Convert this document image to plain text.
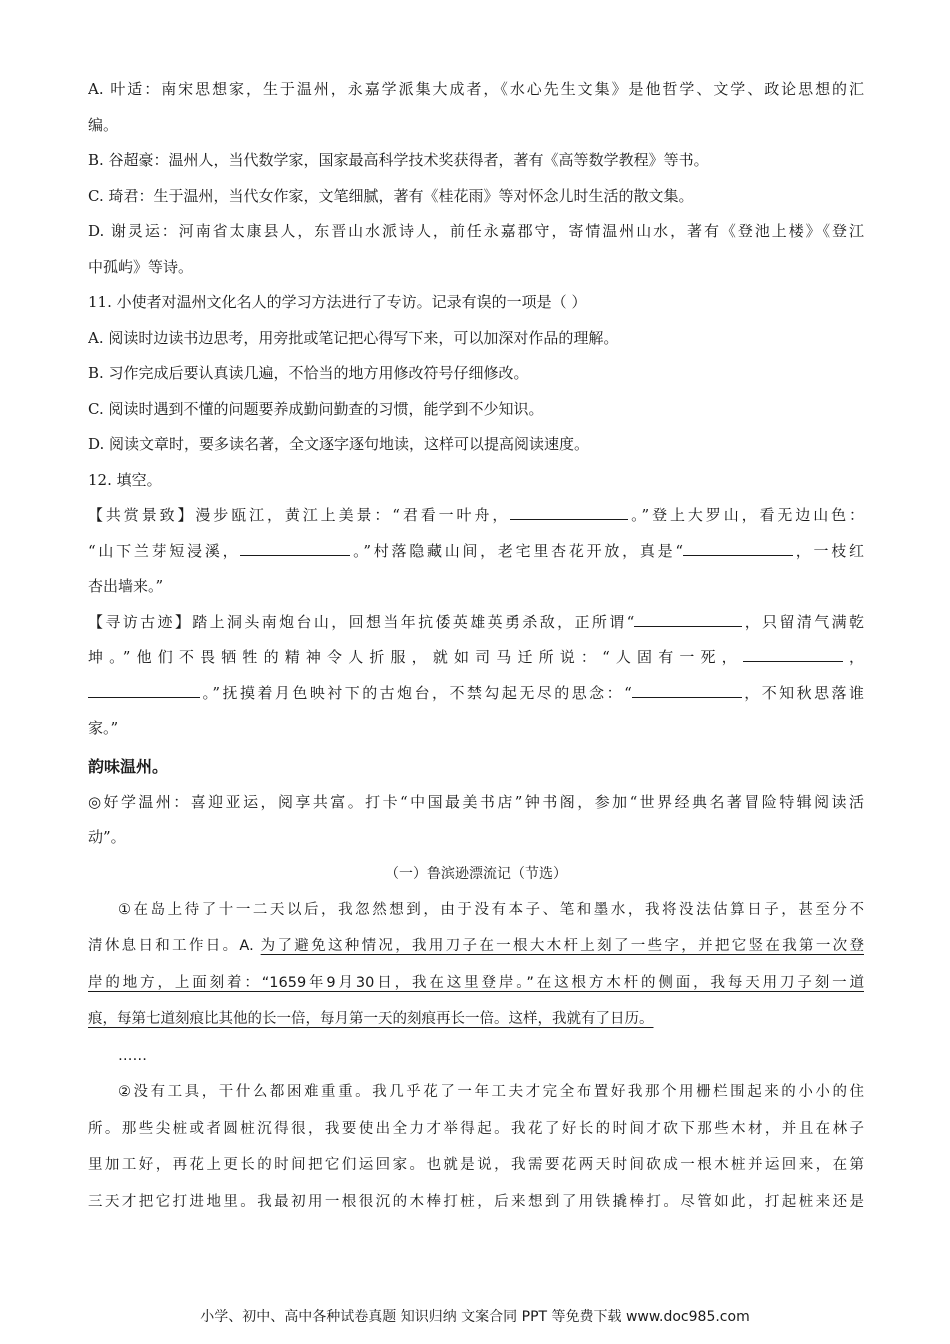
A. 叶适：南宋思想家，生于温州，永嘉学派集大成者，《水心先生文集》是他哲学、文学、政论思想的汇
编。
B. 谷超豪：温州人，当代数学家，国家最高科学技术奖获得者，著有《高等数学教程》等书。
C. 琦君：生于温州，当代女作家，文笔细腻，著有《桂花雨》等对怀念儿时生活的散文集。
D. 谢灵运：河南省太康县人，东晋山水派诗人，前任永嘉郡守，寄情温州山水，著有《登池上楼》《登江
中孤屿》等诗。
11. 小使者对温州文化名人的学习方法进行了专访。记录有误的一项是（ ）
A. 阅读时边读书边思考，用旁批或笔记把心得写下来，可以加深对作品的理解。
B. 习作完成后要认真读几遍，不恰当的地方用修改符号仔细修改。
C. 阅读时遇到不懂的问题要养成勤问勤查的习惯，能学到不少知识。
D. 阅读文章时，要多读名著，全文逐字逐句地读，这样可以提高阅读速度。
12. 填空。
【共赏景致】漫步瓯江，黄江上美景：“君看一叶舟，	。”登上大罗山，看无边山色：
“山下兰芽短浸溪，	。”村落隐藏山间，老宅里杏花开放，真是“	，一枝红
杏出墙来。”
【寻访古迹】踏上洞头南炮台山，回想当年抗倭英雄英勇杀敌，正所谓“	，只留清气满乾
坤。”他们不畏牺牲的精神令人折服，就如司马迁所说：“人固有一死，	，
。”抚摸着月色映衬下的古炮台，不禁勾起无尽的思念：“	，不知秋思落谁
家。”
韵味温州。
◎好学温州：喜迎亚运，阅享共富。打卡“中国最美书店”钟书阁，参加“世界经典名著冒险特辑阅读活
动”。
（一）鲁滨逊漂流记（节选）
①在岛上待了十一二天以后，我忽然想到，由于没有本子、笔和墨水，我将没法估算日子，甚至分不
清休息日和工作日。A. 为了避免这种情况，我用刀子在一根大木杆上刻了一些字，并把它竖在我第一次登
岸的地方，上面刻着：“1659年9月30日，我在这里登岸。”在这根方木杆的侧面，我每天用刀子刻一道
痕，每第七道刻痕比其他的长一倍，每月第一天的刻痕再长一倍。这样，我就有了日历。
……
②没有工具，干什么都困难重重。我几乎花了一年工夫才完全布置好我那个用栅栏围起来的小小的住
所。那些尖桩或者圆桩沉得很，我要使出全力才举得起。我花了好长的时间才砍下那些木材，并且在林子
里加工好，再花上更长的时间把它们运回家。也就是说，我需要花两天时间砍成一根木桩并运回来，在第
三天才把它打进地里。我最初用一根很沉的木棒打桩，后来想到了用铁撬棒打。尽管如此，打起桩来还是
小学、初中、高中各种试卷真题 知识归纳 文案合同 PPT 等免费下载 www.doc985.com
